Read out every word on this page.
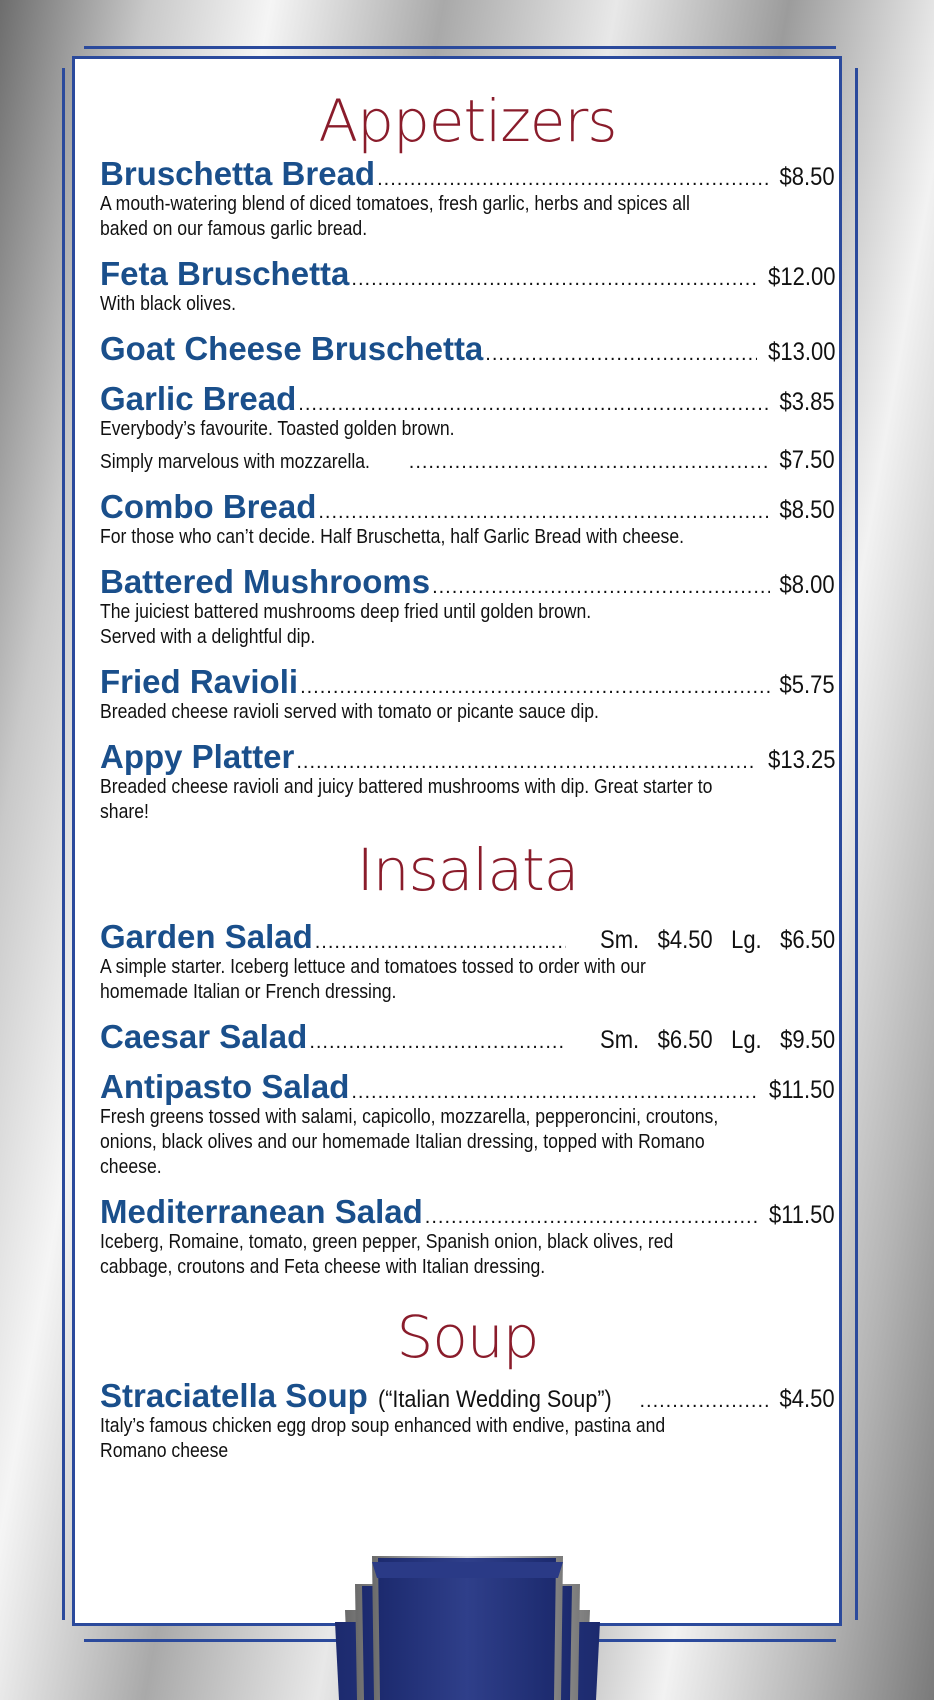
Appetizers
Bruschetta Bread .....	$8.50
A mouth-watering blend of diced tomatoes, fresh garlic, herbs and spices all
baked on our famous garlic bread.
Feta Bruschetta .....	$12.00
With black olives.
Goat Cheese Bruschetta .....	$13.00
Garlic Bread .....	$3.85
Everybody’s favourite. Toasted golden brown.
Simply marvelous with mozzarella. .....	$7.50
Combo Bread .....	$8.50
For those who can’t decide. Half Bruschetta, half Garlic Bread with cheese.
Battered Mushrooms .....	$8.00
The juiciest battered mushrooms deep fried until golden brown.
Served with a delightful dip.
Fried Ravioli .....	$5.75
Breaded cheese ravioli served with tomato or picante sauce dip.
Appy Platter .....	$13.25
Breaded cheese ravioli and juicy battered mushrooms with dip. Great starter to
share!
Insalata
Garden Salad .....	Sm. $4.50 Lg. $6.50
A simple starter. Iceberg lettuce and tomatoes tossed to order with our
homemade Italian or French dressing.
Caesar Salad .....	Sm. $6.50 Lg. $9.50
Antipasto Salad .....	$11.50
Fresh greens tossed with salami, capicollo, mozzarella, pepperoncini, croutons,
onions, black olives and our homemade Italian dressing, topped with Romano
cheese.
Mediterranean Salad .....	$11.50
Iceberg, Romaine, tomato, green pepper, Spanish onion, black olives, red
cabbage, croutons and Feta cheese with Italian dressing.
Soup
Straciatella Soup (“Italian Wedding Soup”) .....	$4.50
Italy’s famous chicken egg drop soup enhanced with endive, pastina and
Romano cheese
